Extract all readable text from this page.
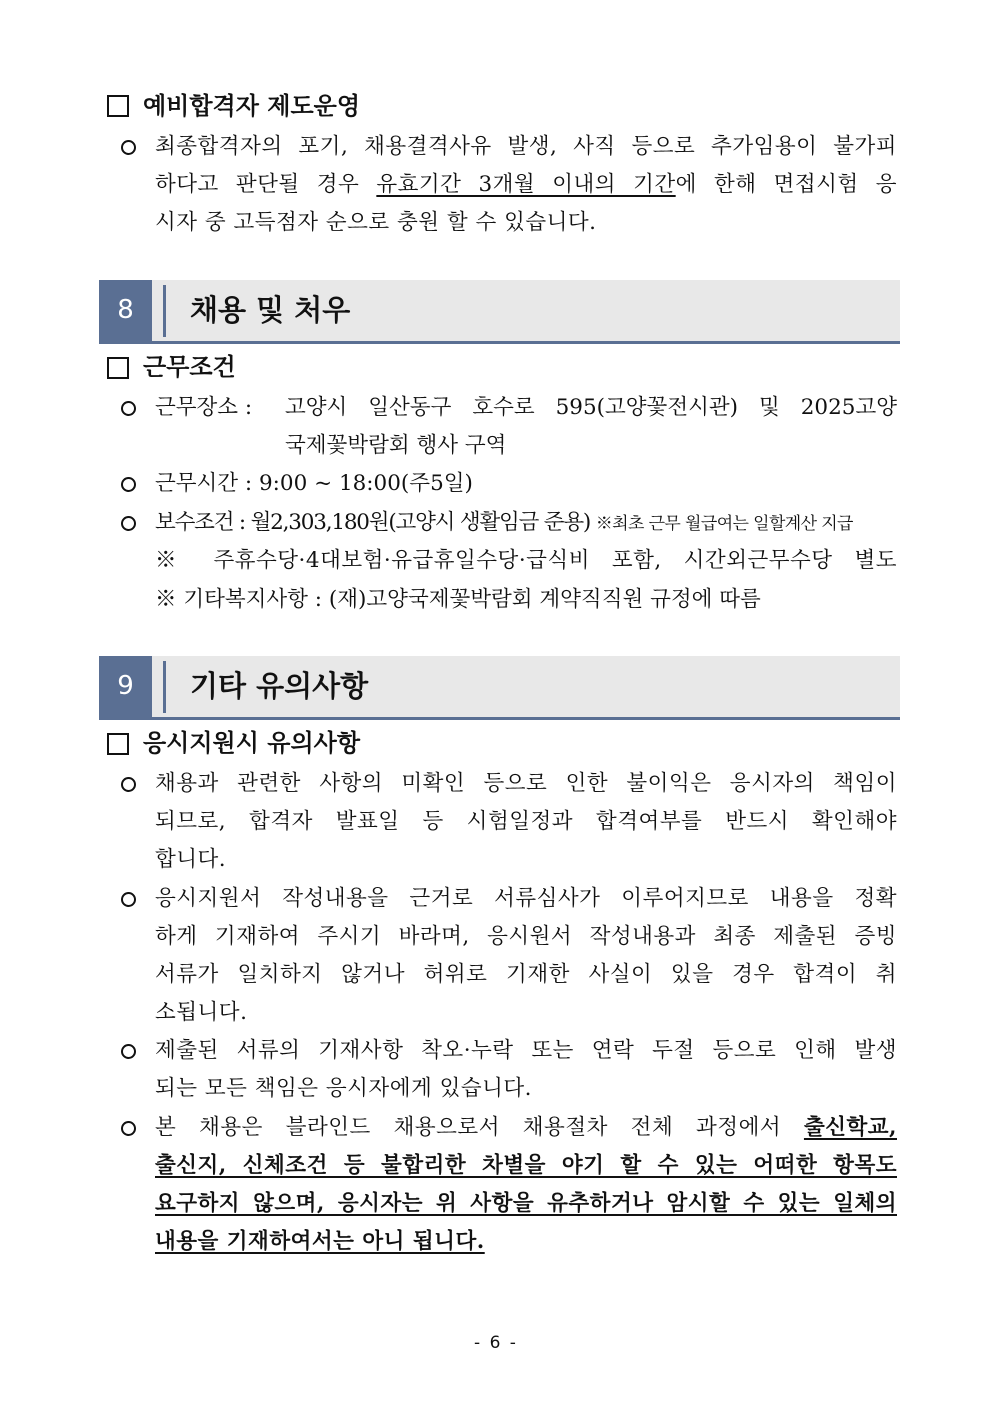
예비합격자 제도운영
최종합격자의 포기, 채용결격사유 발생, 사직 등으로 추가임용이 불가피
하다고 판단될 경우 유효기간 3개월 이내의 기간에 한해 면접시험 응
시자 중 고득점자 순으로 충원 할 수 있습니다.
8	채용 및 처우
근무조건
근무장소 : 고양시 일산동구 호수로 595(고양꽃전시관) 및 2025고양
국제꽃박람회 행사 구역
근무시간 : 9:00 ~ 18:00(주5일)
보수조건 : 월2,303,180원(고양시 생활임금 준용) ※최초 근무 월급여는 일할계산 지급
※ 주휴수당·4대보험·유급휴일수당·급식비 포함, 시간외근무수당 별도
※ 기타복지사항 : (재)고양국제꽃박람회 계약직직원 규정에 따름
9	기타 유의사항
응시지원시 유의사항
채용과 관련한 사항의 미확인 등으로 인한 불이익은 응시자의 책임이
되므로, 합격자 발표일 등 시험일정과 합격여부를 반드시 확인해야
합니다.
응시지원서 작성내용을 근거로 서류심사가 이루어지므로 내용을 정확
하게 기재하여 주시기 바라며, 응시원서 작성내용과 최종 제출된 증빙
서류가 일치하지 않거나 허위로 기재한 사실이 있을 경우 합격이 취
소됩니다.
제출된 서류의 기재사항 착오·누락 또는 연락 두절 등으로 인해 발생
되는 모든 책임은 응시자에게 있습니다.
본 채용은 블라인드 채용으로서 채용절차 전체 과정에서 출신학교,
출신지, 신체조건 등 불합리한 차별을 야기 할 수 있는 어떠한 항목도
요구하지 않으며, 응시자는 위 사항을 유추하거나 암시할 수 있는 일체의
내용을 기재하여서는 아니 됩니다.
- 6 -
